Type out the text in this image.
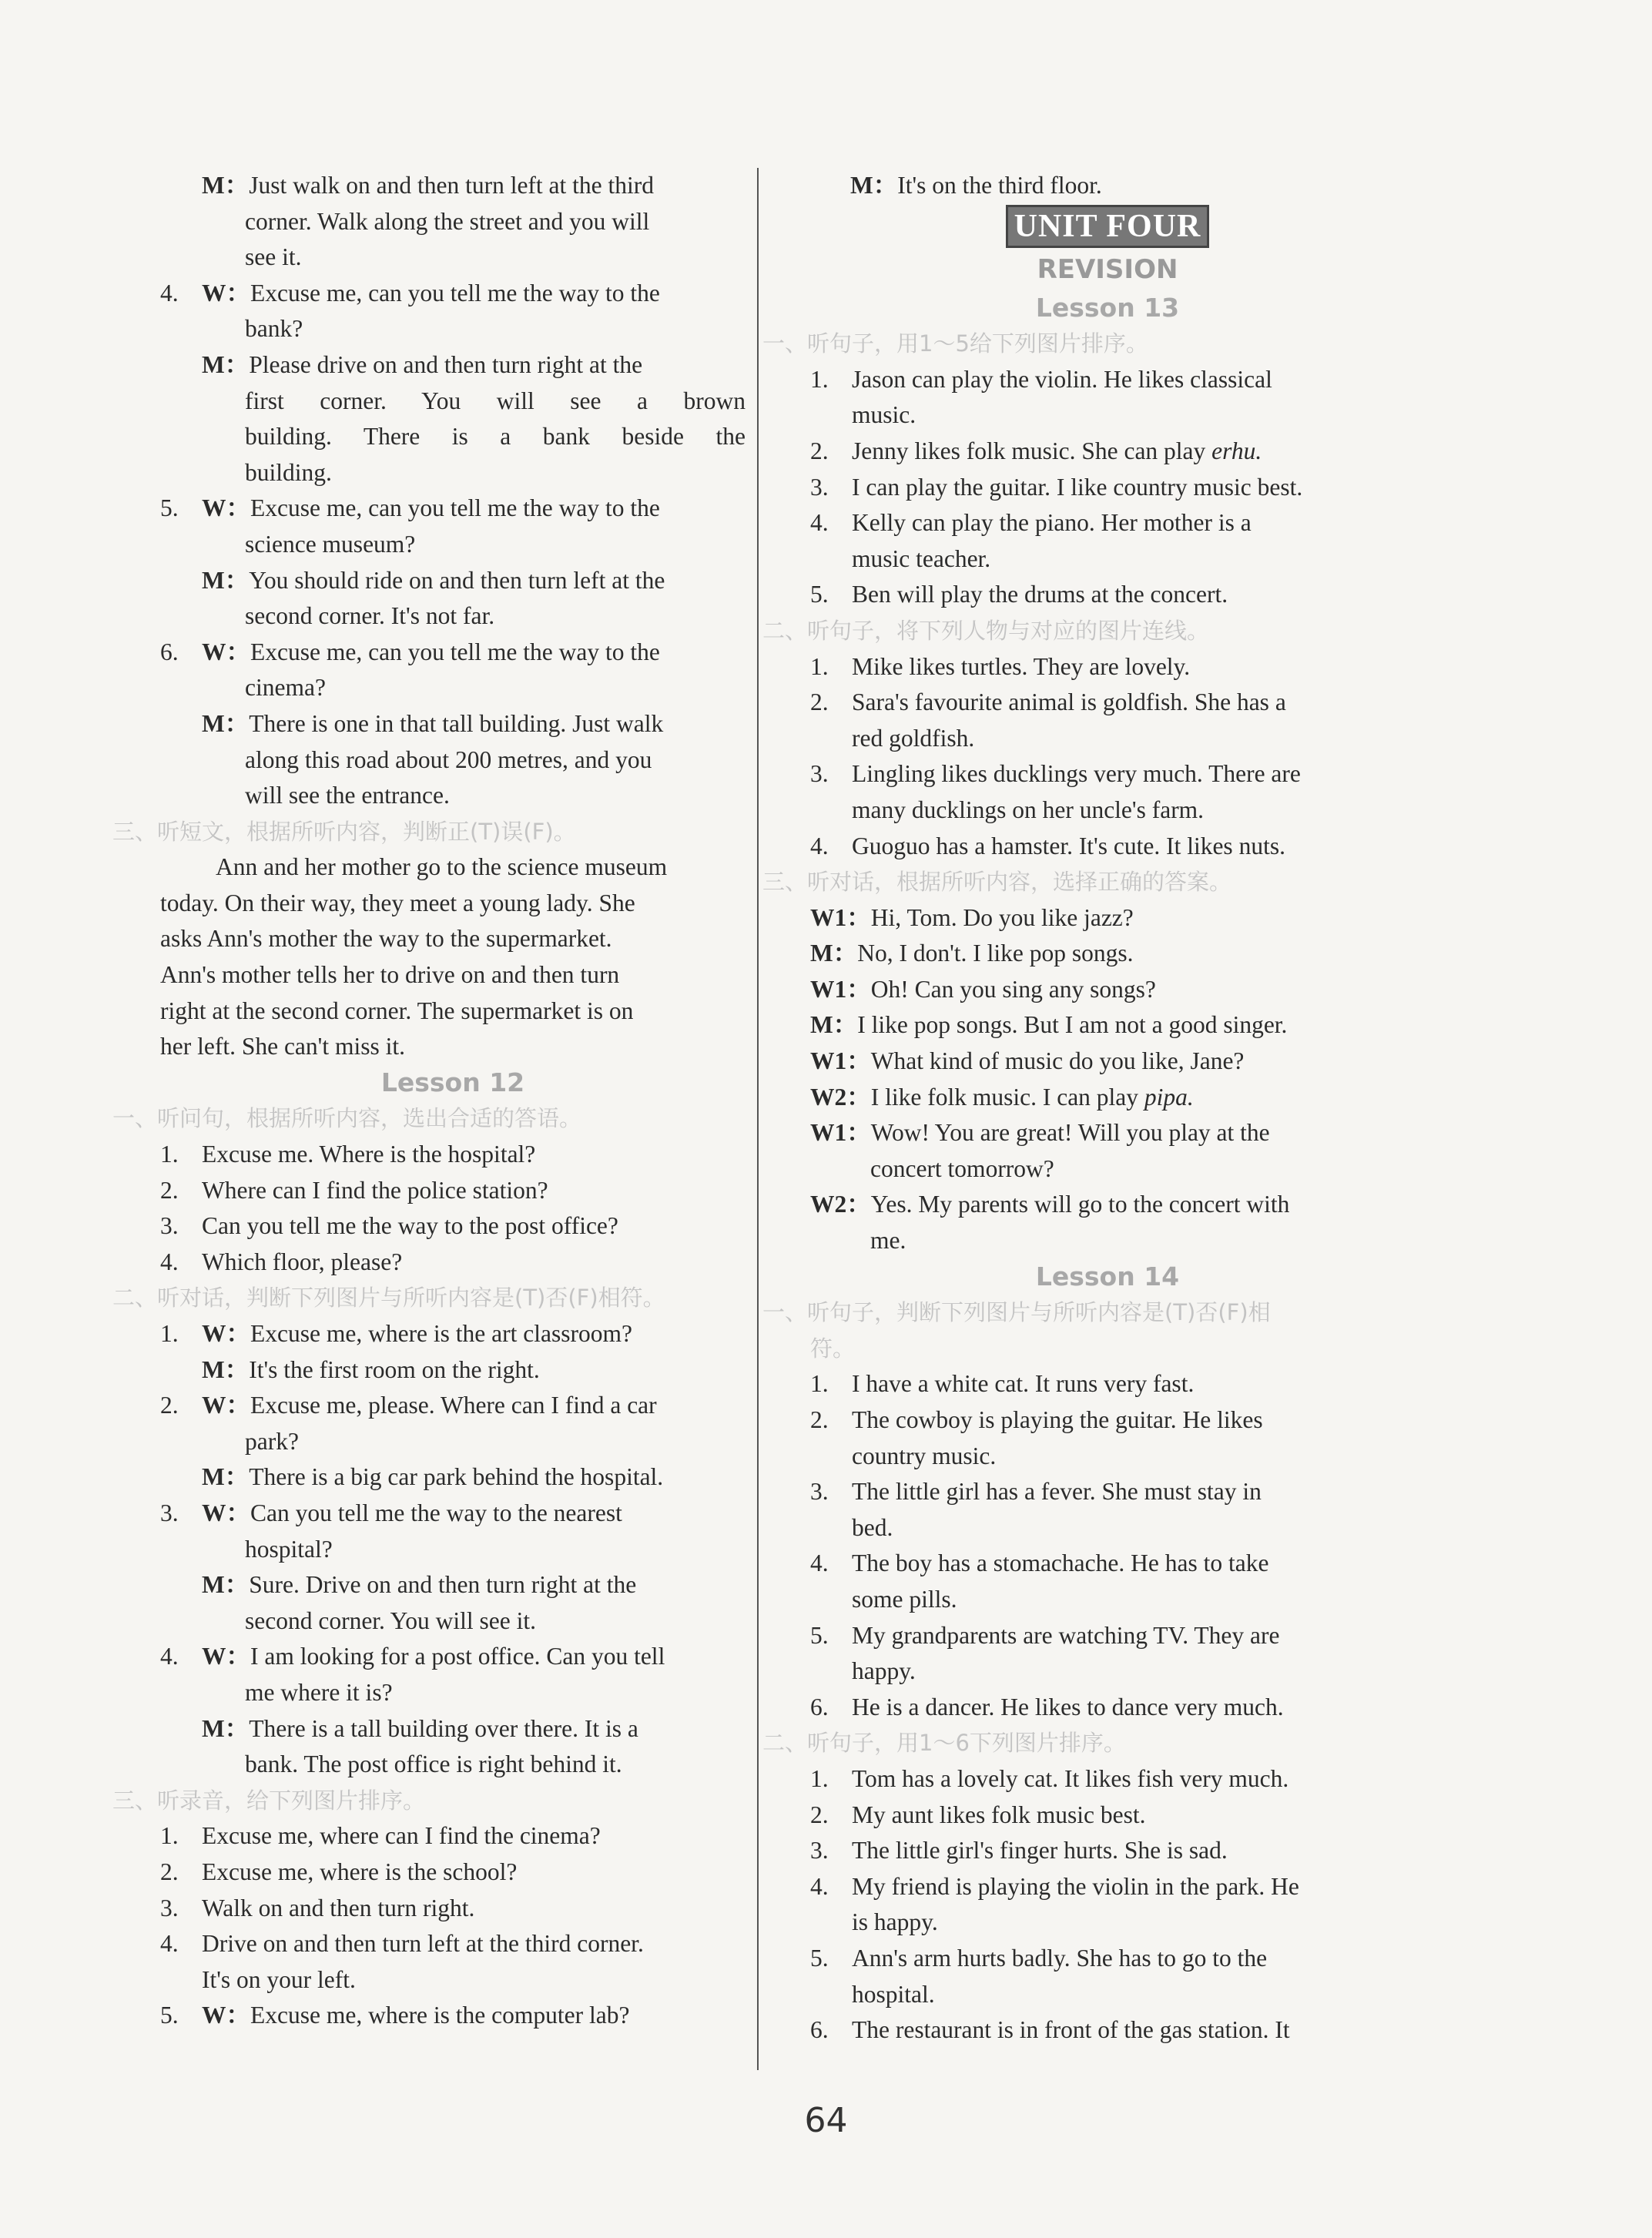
M：Just walk on and then turn left at the third
corner. Walk along the street and you will
see it.
4. W：Excuse me, can you tell me the way to the
bank?
M：Please drive on and then turn right at the
first corner. You will see a brown
building. There is a bank beside the
building.
5. W：Excuse me, can you tell me the way to the
science museum?
M：You should ride on and then turn left at the
second corner. It's not far.
6. W：Excuse me, can you tell me the way to the
cinema?
M：There is one in that tall building. Just walk
along this road about 200 metres, and you
will see the entrance.
三、听短文，根据所听内容，判断正(T)误(F)。
Ann and her mother go to the science museum
today. On their way, they meet a young lady. She
asks Ann's mother the way to the supermarket.
Ann's mother tells her to drive on and then turn
right at the second corner. The supermarket is on
her left. She can't miss it.
Lesson 12
一、听问句，根据所听内容，选出合适的答语。
1. Excuse me. Where is the hospital?
2. Where can I find the police station?
3. Can you tell me the way to the post office?
4. Which floor, please?
二、听对话，判断下列图片与所听内容是(T)否(F)相符。
1. W：Excuse me, where is the art classroom?
M：It's the first room on the right.
2. W：Excuse me, please. Where can I find a car
park?
M：There is a big car park behind the hospital.
3. W：Can you tell me the way to the nearest
hospital?
M：Sure. Drive on and then turn right at the
second corner. You will see it.
4. W：I am looking for a post office. Can you tell
me where it is?
M：There is a tall building over there. It is a
bank. The post office is right behind it.
三、听录音，给下列图片排序。
1. Excuse me, where can I find the cinema?
2. Excuse me, where is the school?
3. Walk on and then turn right.
4. Drive on and then turn left at the third corner.
It's on your left.
5. W：Excuse me, where is the computer lab?
M：It's on the third floor.
UNIT FOUR
REVISION
Lesson 13
一、听句子，用1～5给下列图片排序。
1. Jason can play the violin. He likes classical
music.
2. Jenny likes folk music. She can play erhu.
3. I can play the guitar. I like country music best.
4. Kelly can play the piano. Her mother is a
music teacher.
5. Ben will play the drums at the concert.
二、听句子，将下列人物与对应的图片连线。
1. Mike likes turtles. They are lovely.
2. Sara's favourite animal is goldfish. She has a
red goldfish.
3. Lingling likes ducklings very much. There are
many ducklings on her uncle's farm.
4. Guoguo has a hamster. It's cute. It likes nuts.
三、听对话，根据所听内容，选择正确的答案。
W1：Hi, Tom. Do you like jazz?
M：No, I don't. I like pop songs.
W1：Oh! Can you sing any songs?
M：I like pop songs. But I am not a good singer.
W1：What kind of music do you like, Jane?
W2：I like folk music. I can play pipa.
W1：Wow! You are great! Will you play at the
concert tomorrow?
W2：Yes. My parents will go to the concert with
me.
Lesson 14
一、听句子，判断下列图片与所听内容是(T)否(F)相
符。
1. I have a white cat. It runs very fast.
2. The cowboy is playing the guitar. He likes
country music.
3. The little girl has a fever. She must stay in
bed.
4. The boy has a stomachache. He has to take
some pills.
5. My grandparents are watching TV. They are
happy.
6. He is a dancer. He likes to dance very much.
二、听句子，用1～6下列图片排序。
1. Tom has a lovely cat. It likes fish very much.
2. My aunt likes folk music best.
3. The little girl's finger hurts. She is sad.
4. My friend is playing the violin in the park. He
is happy.
5. Ann's arm hurts badly. She has to go to the
hospital.
6. The restaurant is in front of the gas station. It
64
